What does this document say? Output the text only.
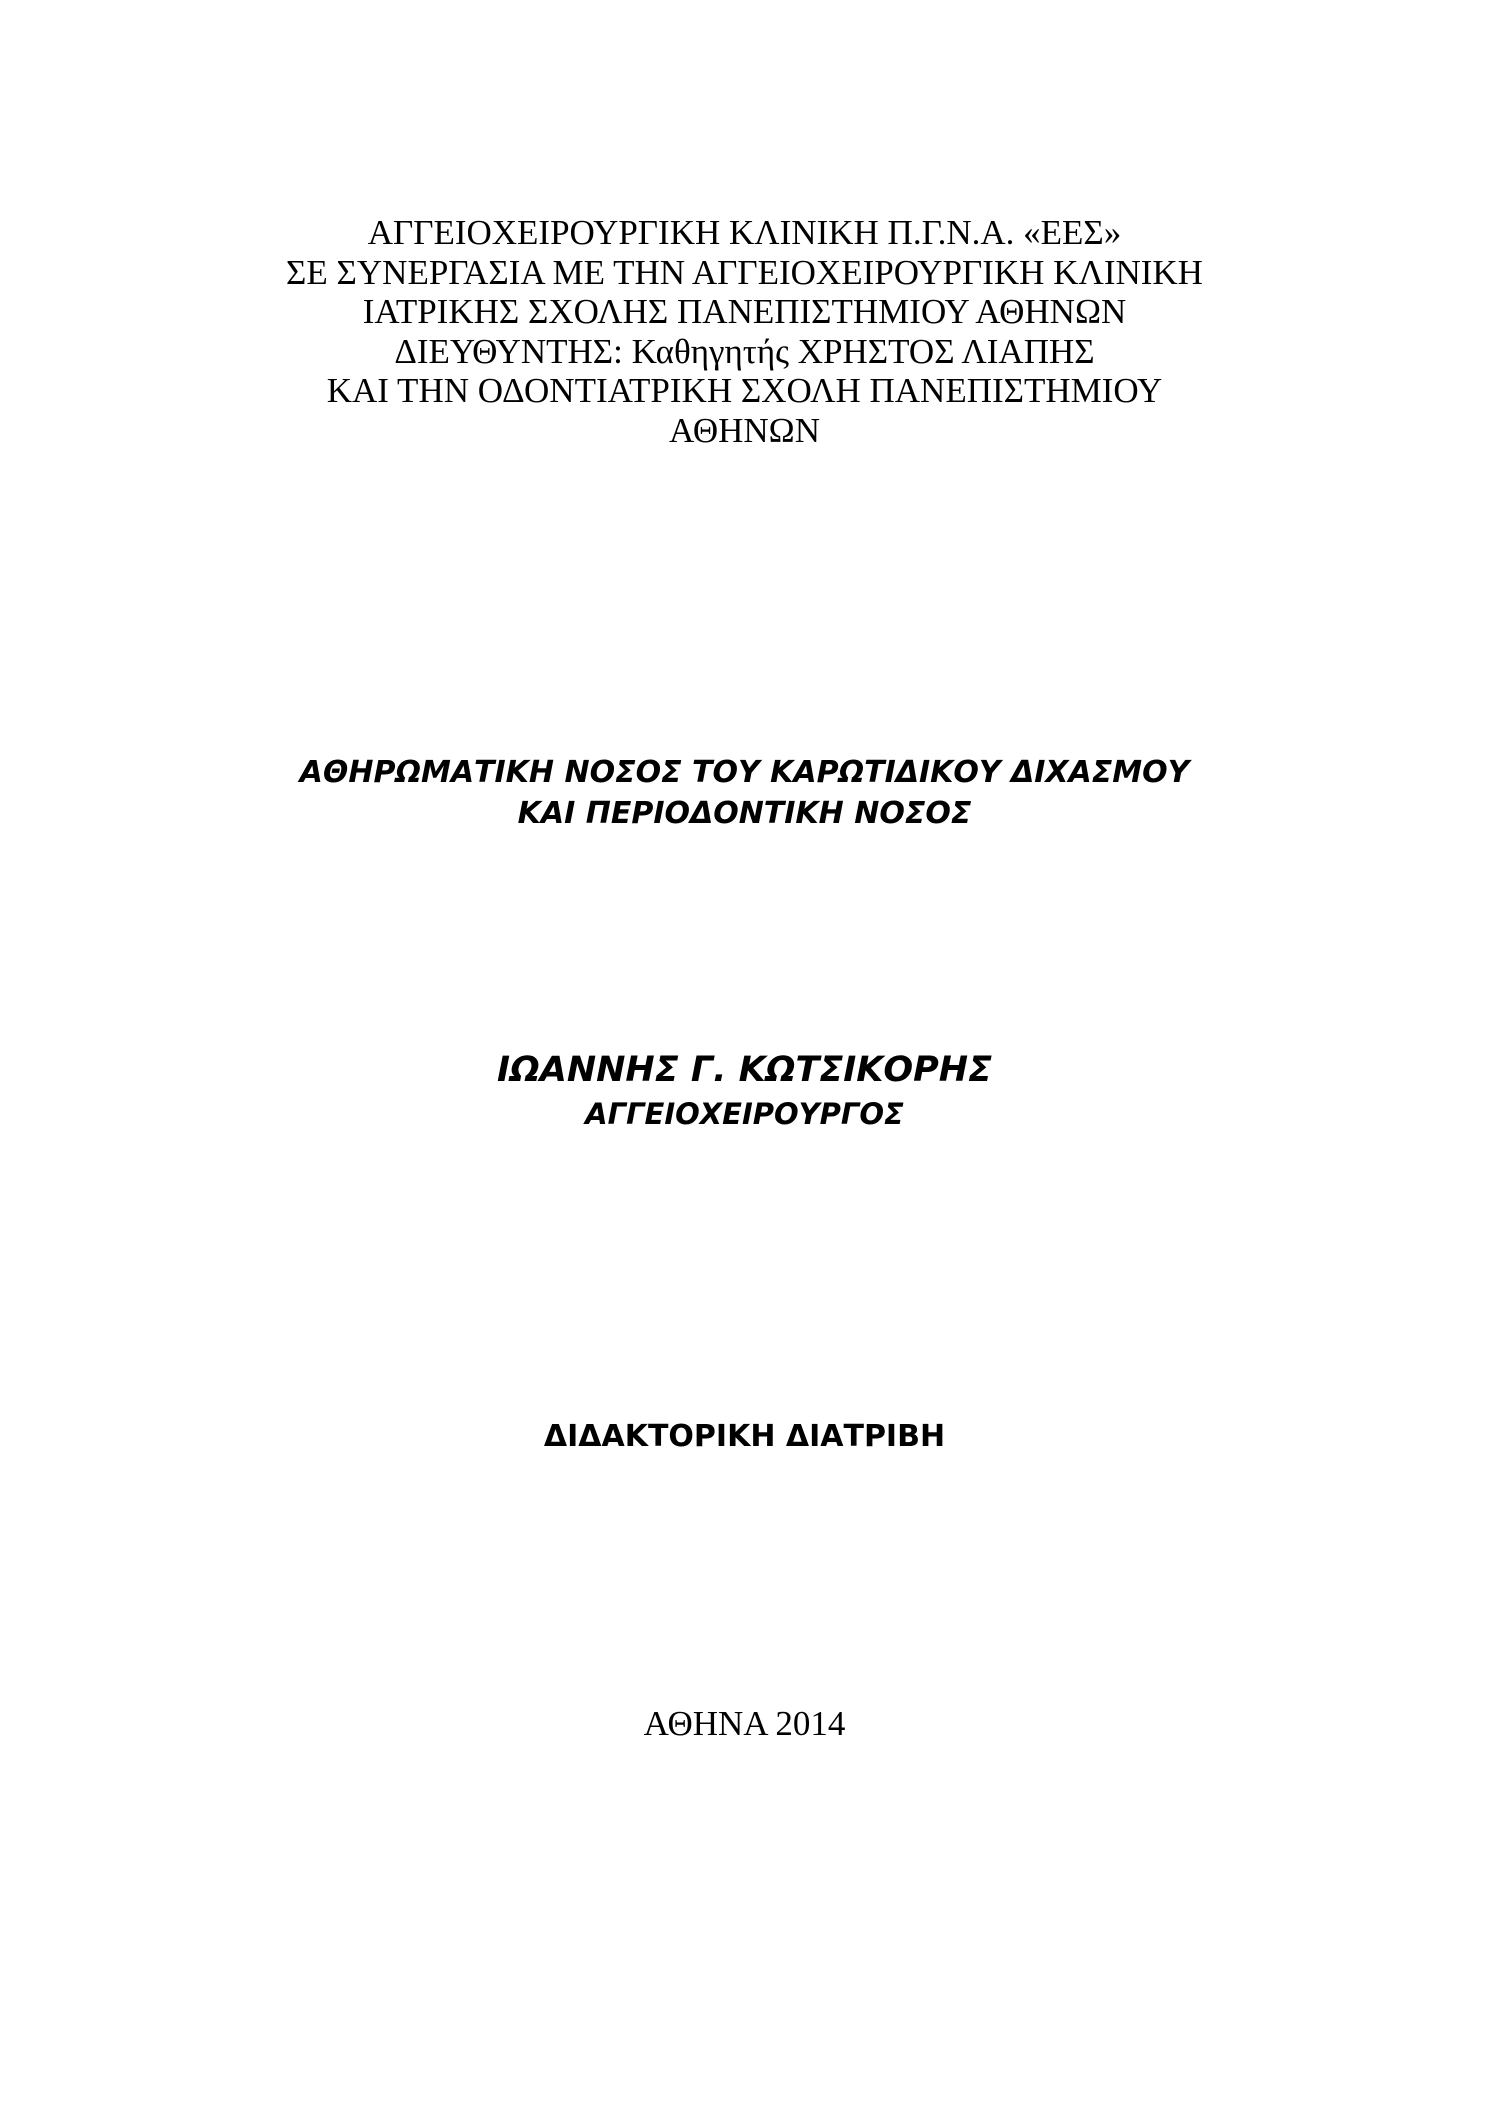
ΑΓΓΕΙΟΧΕΙΡΟΥΡΓΙΚΗ ΚΛΙΝΙΚΗ Π.Γ.Ν.Α. «ΕΕΣ»
ΣΕ ΣΥΝΕΡΓΑΣΙΑ ΜΕ ΤΗΝ ΑΓΓΕΙΟΧΕΙΡΟΥΡΓΙΚΗ ΚΛΙΝΙΚΗ
ΙΑΤΡΙΚΗΣ ΣΧΟΛΗΣ ΠΑΝΕΠΙΣΤΗΜΙΟΥ ΑΘΗΝΩΝ
ΔΙΕΥΘΥΝΤΗΣ: Καθηγητής ΧΡΗΣΤΟΣ ΛΙΑΠΗΣ
ΚΑΙ ΤΗΝ ΟΔΟΝΤΙΑΤΡΙΚΗ ΣΧΟΛΗ ΠΑΝΕΠΙΣΤΗΜΙΟΥ
ΑΘΗΝΩΝ
ΑΘΗΡΩΜΑΤΙΚΗ ΝΟΣΟΣ ΤΟΥ ΚΑΡΩΤΙΔΙΚΟΥ ΔΙΧΑΣΜΟΥ
ΚΑΙ ΠΕΡΙΟΔΟΝΤΙΚΗ ΝΟΣΟΣ
ΙΩΑΝΝΗΣ Γ. ΚΩΤΣΙΚΟΡΗΣ
ΑΓΓΕΙΟΧΕΙΡΟΥΡΓΟΣ
ΔΙΔΑΚΤΟΡΙΚΗ ΔΙΑΤΡΙΒΗ
ΑΘΗΝΑ 2014
